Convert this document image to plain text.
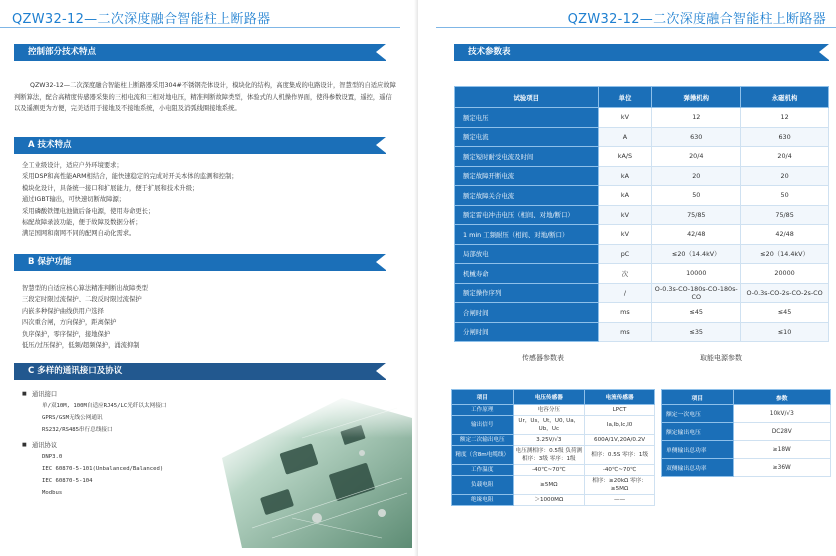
QZW32-12—二次深度融合智能柱上断路器
控制部分技术特点
QZW32-12—二次深度融合智能柱上断路器采用304#不锈钢壳体设计，模块化的结构，高度集成的电路设计，智慧型的自适应故障判断算法，配合高精度传感器采集的三相电流和三相对地电压，精准判断故障类型，体验式的人机操作界面，使得参数设置，遥控，遥信以及遥测更为方便，完美适用于接地及不接地系统，小电阻及消弧线圈接地系统。
A 技术特点
全工业级设计，适应户外环境要求；
采用DSP和高性能ARM相结合，能快速稳定的完成对开关本体的监测和控制；
模块化设计，具备统一接口和扩展能力，便于扩展和技术升级；
通过IGBT输出，可快速切断故障源；
采用磷酸铁锂电池做后备电源，使用寿命更长；
标配故障录波功能，便于故障及数据分析；
满足国网和南网不同的配网自动化需求。
B 保护功能
智慧型的自适应核心算法精准判断出故障类型
三段定时限过流保护、二段反时限过流保护
内嵌多种保护曲线供用户选择
四次重合闸，方向保护，距离保护
负序保护，零序保护，接地保护
低压/过压保护，低频/超频保护，涌流抑制
C 多样的通讯接口及协议
■ 通讯接口
单/双10M, 100M自适应RJ45/LC光纤以太网接口
GPRS/GSM无线公网通讯
RS232/RS485串行总线接口
■ 通讯协议
DNP3.0
IEC 60870-5-101(Unbalanced/Balanced)
IEC 60870-5-104
Modbus
QZW32-12—二次深度融合智能柱上断路器
技术参数表
试验项目	单位	弹操机构	永磁机构
额定电压	kV	12	12
额定电流	A	630	630
额定短时耐受电流及时间	kA/S	20/4	20/4
额定故障开断电流	kA	20	20
额定故障关合电流	kA	50	50
额定雷电冲击电压（相间、对地/断口）	kV	75/85	75/85
1 min 工频耐压（相间、对地/断口）	kV	42/48	42/48
局部放电	pC	≤20（14.4kV）	≤20（14.4kV）
机械寿命	次	10000	20000
额定操作序列	/	O-0.3s-CO-180s-CO-180s-CO	O-0.3s-CO-2s-CO-2s-CO
合闸时间	ms	≤45	≤45
分闸时间	ms	≤35	≤10
传感器参数表	取能电源参数
项目	电压传感器	电流传感器
工作原理	电容分压	LPCT
输出信号	Ur，Us，Ut，U0, Ua，Ub，Uc	Ia,Ib,Ic,I0
额定二次输出电压	3.25V/√3	600A/1V,20A/0.2V
精度（含8m电缆线）	电压测相序：0.5级 负荷测相序：3级 零序：1级	相序：0.5S 零序：1级
工作温度	-40℃~70℃	-40℃~70℃
负载电阻	≥5MΩ	相序：≥20kΩ 零序：≥5MΩ
绝缘电阻	＞1000MΩ	——
项目	参数
额定一次电压	10kV/√3
额定输出电压	DC28V
单侧输出总功率	≥18W
双侧输出总功率	≥36W
